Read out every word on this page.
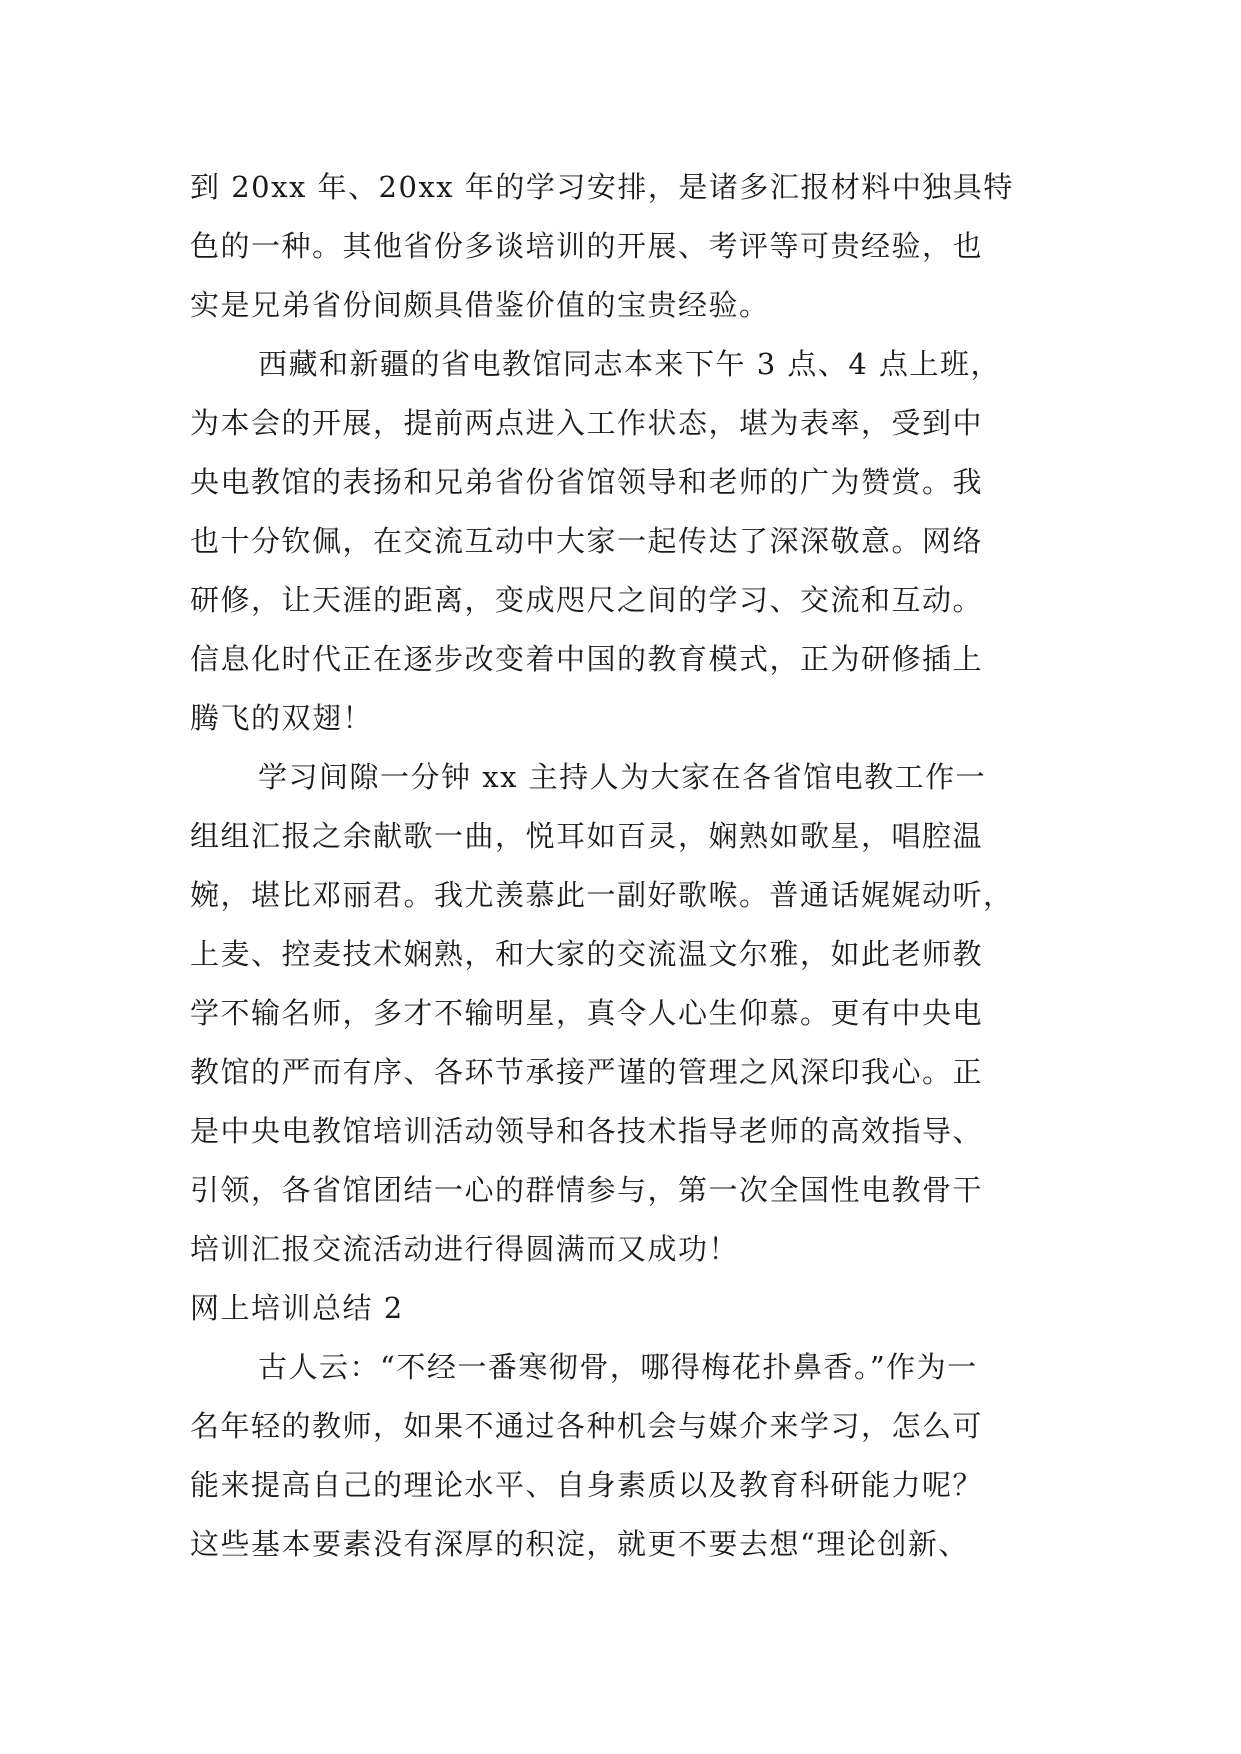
到 20xx 年、20xx 年的学习安排，是诸多汇报材料中独具特
色的一种。其他省份多谈培训的开展、考评等可贵经验，也
实是兄弟省份间颇具借鉴价值的宝贵经验。
西藏和新疆的省电教馆同志本来下午 3 点、4 点上班，
为本会的开展，提前两点进入工作状态，堪为表率，受到中
央电教馆的表扬和兄弟省份省馆领导和老师的广为赞赏。我
也十分钦佩，在交流互动中大家一起传达了深深敬意。网络
研修，让天涯的距离，变成咫尺之间的学习、交流和互动。
信息化时代正在逐步改变着中国的教育模式，正为研修插上
腾飞的双翅！
学习间隙一分钟 xx 主持人为大家在各省馆电教工作一
组组汇报之余献歌一曲，悦耳如百灵，娴熟如歌星，唱腔温
婉，堪比邓丽君。我尤羡慕此一副好歌喉。普通话娓娓动听，
上麦、控麦技术娴熟，和大家的交流温文尔雅，如此老师教
学不输名师，多才不输明星，真令人心生仰慕。更有中央电
教馆的严而有序、各环节承接严谨的管理之风深印我心。正
是中央电教馆培训活动领导和各技术指导老师的高效指导、
引领，各省馆团结一心的群情参与，第一次全国性电教骨干
培训汇报交流活动进行得圆满而又成功！
网上培训总结 2
古人云：“不经一番寒彻骨，哪得梅花扑鼻香。”作为一
名年轻的教师，如果不通过各种机会与媒介来学习，怎么可
能来提高自己的理论水平、自身素质以及教育科研能力呢？
这些基本要素没有深厚的积淀，就更不要去想“理论创新、
